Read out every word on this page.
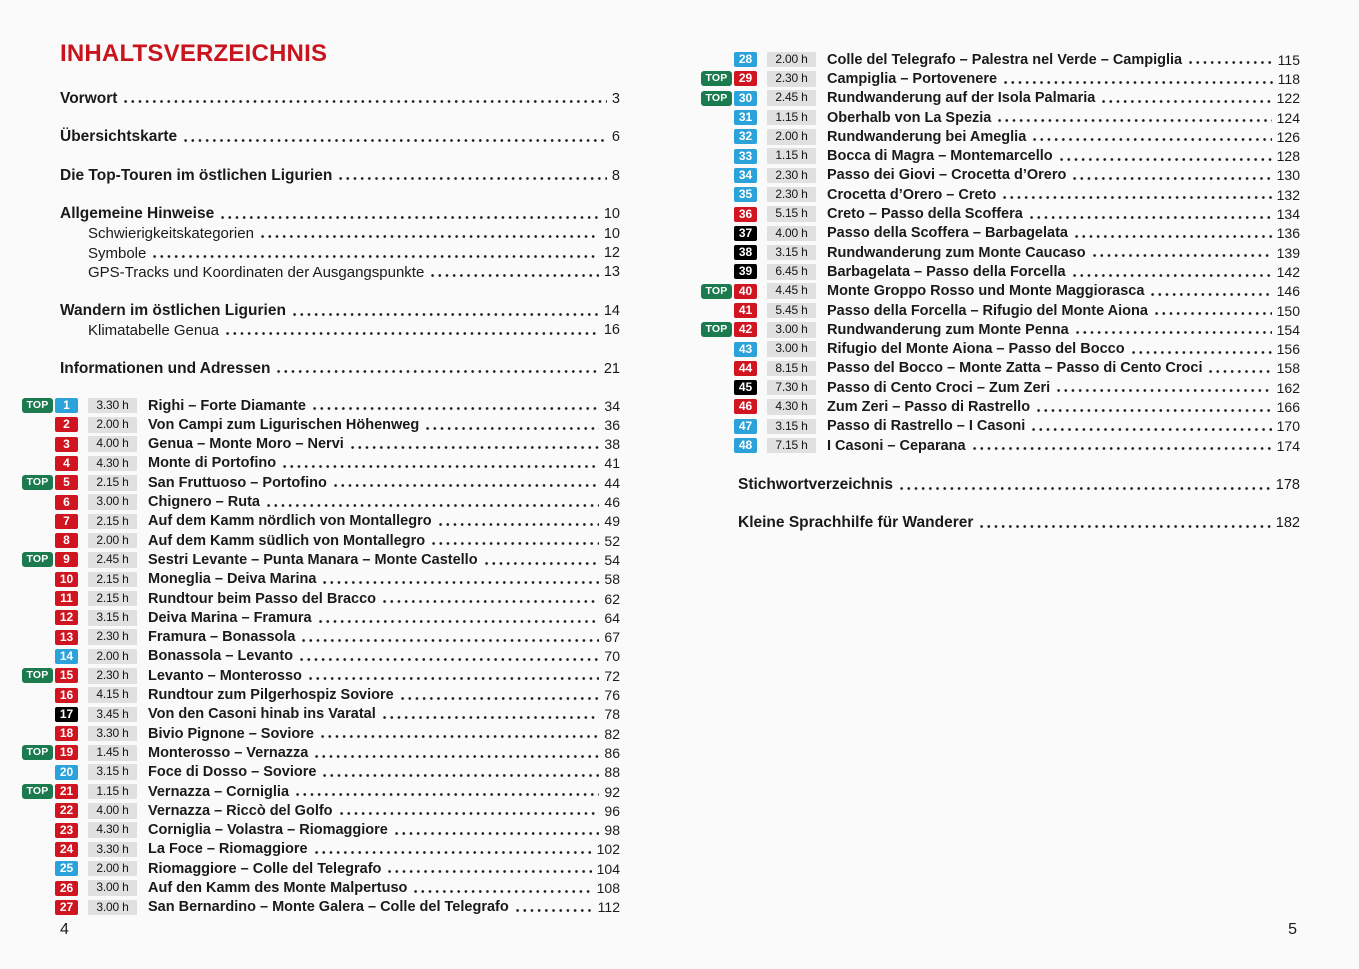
INHALTSVERZEICHNIS
Vorwort	3
Übersichtskarte	6
Die Top-Touren im östlichen Ligurien	8
Allgemeine Hinweise	10
Schwierigkeitskategorien	10
Symbole	12
GPS-Tracks und Koordinaten der Ausgangspunkte	13
Wandern im östlichen Ligurien	14
Klimatabelle Genua	16
Informationen und Adressen	21
TOP	1	3.30 h	Righi – Forte Diamante	34
2	2.00 h	Von Campi zum Ligurischen Höhenweg	36
3	4.00 h	Genua – Monte Moro – Nervi	38
4	4.30 h	Monte di Portofino	41
TOP	5	2.15 h	San Fruttuoso – Portofino	44
6	3.00 h	Chignero – Ruta	46
7	2.15 h	Auf dem Kamm nördlich von Montallegro	49
8	2.00 h	Auf dem Kamm südlich von Montallegro	52
TOP	9	2.45 h	Sestri Levante – Punta Manara – Monte Castello	54
10	2.15 h	Moneglia – Deiva Marina	58
11	2.15 h	Rundtour beim Passo del Bracco	62
12	3.15 h	Deiva Marina – Framura	64
13	2.30 h	Framura – Bonassola	67
14	2.00 h	Bonassola – Levanto	70
TOP 15	2.30 h	Levanto – Monterosso	72
16	4.15 h	Rundtour zum Pilgerhospiz Soviore	76
17	3.45 h	Von den Casoni hinab ins Varatal	78
18	3.30 h	Bivio Pignone – Soviore	82
TOP 19	1.45 h	Monterosso – Vernazza	86
20	3.15 h	Foce di Dosso – Soviore	88
TOP 21	1.15 h	Vernazza – Corniglia	92
22	4.00 h	Vernazza – Riccò del Golfo	96
23	4.30 h	Corniglia – Volastra – Riomaggiore	98
24	3.30 h	La Foce – Riomaggiore	102
25	2.00 h	Riomaggiore – Colle del Telegrafo	104
26	3.00 h	Auf den Kamm des Monte Malpertuso	108
27	3.00 h	San Bernardino – Monte Galera – Colle del Telegrafo	112
28	2.00 h	Colle del Telegrafo – Palestra nel Verde – Campiglia	115
TOP 29	2.30 h	Campiglia – Portovenere	118
TOP 30	2.45 h	Rundwanderung auf der Isola Palmaria	122
31	1.15 h	Oberhalb von La Spezia	124
32	2.00 h	Rundwanderung bei Ameglia	126
33	1.15 h	Bocca di Magra – Montemarcello	128
34	2.30 h	Passo dei Giovi – Crocetta d’Orero	130
35	2.30 h	Crocetta d’Orero – Creto	132
36	5.15 h	Creto – Passo della Scoffera	134
37	4.00 h	Passo della Scoffera – Barbagelata	136
38	3.15 h	Rundwanderung zum Monte Caucaso	139
39	6.45 h	Barbagelata – Passo della Forcella	142
TOP 40	4.45 h	Monte Groppo Rosso und Monte Maggiorasca	146
41	5.45 h	Passo della Forcella – Rifugio del Monte Aiona	150
TOP 42	3.00 h	Rundwanderung zum Monte Penna	154
43	3.00 h	Rifugio del Monte Aiona – Passo del Bocco	156
44	8.15 h	Passo del Bocco – Monte Zatta – Passo di Cento Croci	158
45	7.30 h	Passo di Cento Croci – Zum Zeri	162
46	4.30 h	Zum Zeri – Passo di Rastrello	166
47	3.15 h	Passo di Rastrello – I Casoni	170
48	7.15 h	I Casoni – Ceparana	174
Stichwortverzeichnis	178
Kleine Sprachhilfe für Wanderer	182
4	5
